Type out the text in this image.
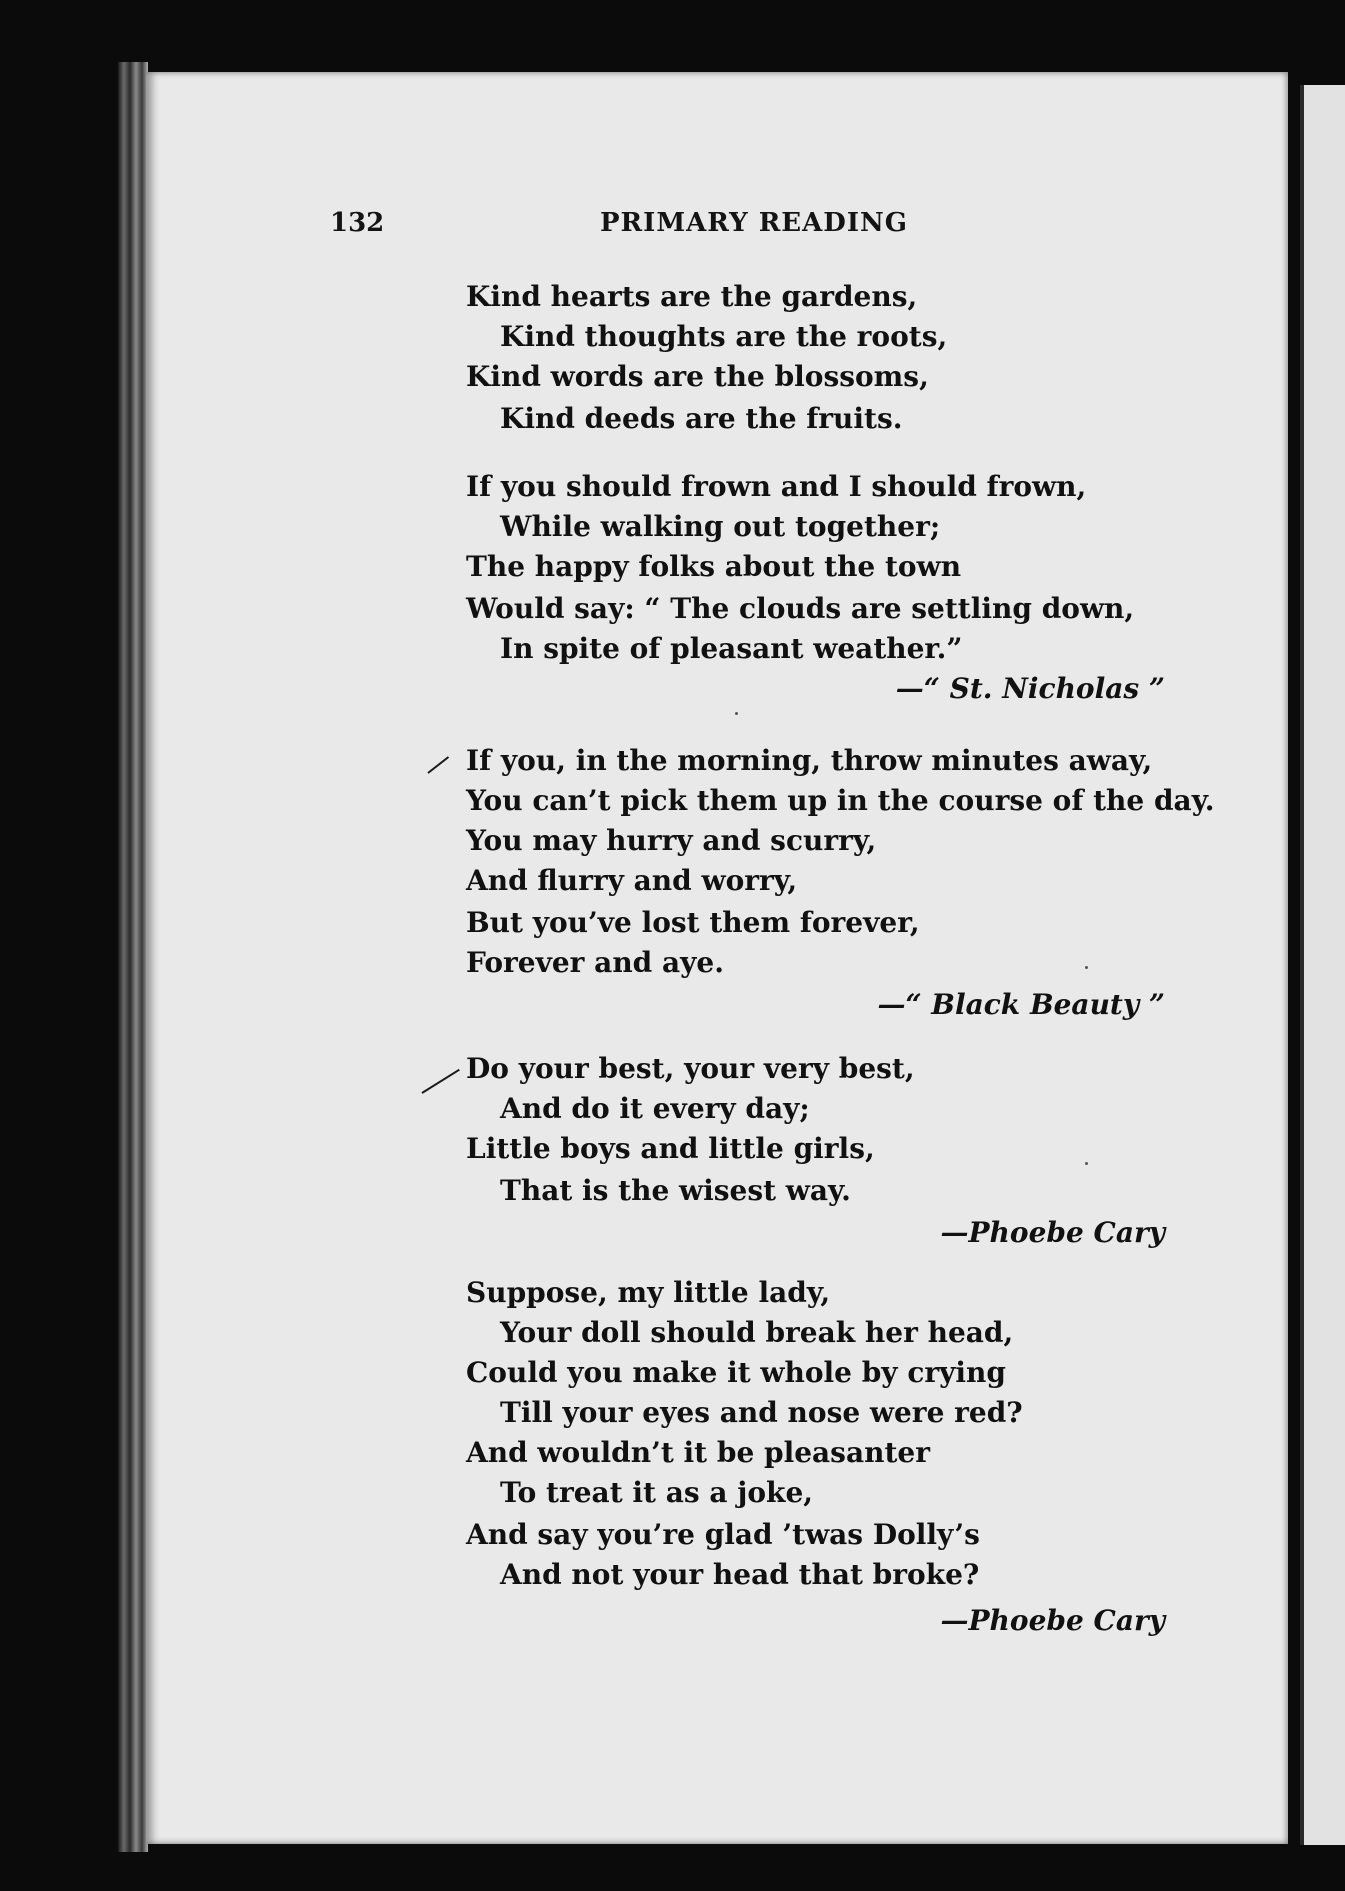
132	PRIMARY READING
Kind hearts are the gardens,
Kind thoughts are the roots,
Kind words are the blossoms,
Kind deeds are the fruits.
If you should frown and I should frown,
While walking out together;
The happy folks about the town
Would say: “ The clouds are settling down,
In spite of pleasant weather.”
—“ St. Nicholas ”
If you, in the morning, throw minutes away,
You can’t pick them up in the course of the day.
You may hurry and scurry,
And flurry and worry,
But you’ve lost them forever,
Forever and aye.
—“ Black Beauty ”
Do your best, your very best,
And do it every day;
Little boys and little girls,
That is the wisest way.
—Phoebe Cary
Suppose, my little lady,
Your doll should break her head,
Could you make it whole by crying
Till your eyes and nose were red?
And wouldn’t it be pleasanter
To treat it as a joke,
And say you’re glad ’twas Dolly’s
And not your head that broke?
—Phoebe Cary
